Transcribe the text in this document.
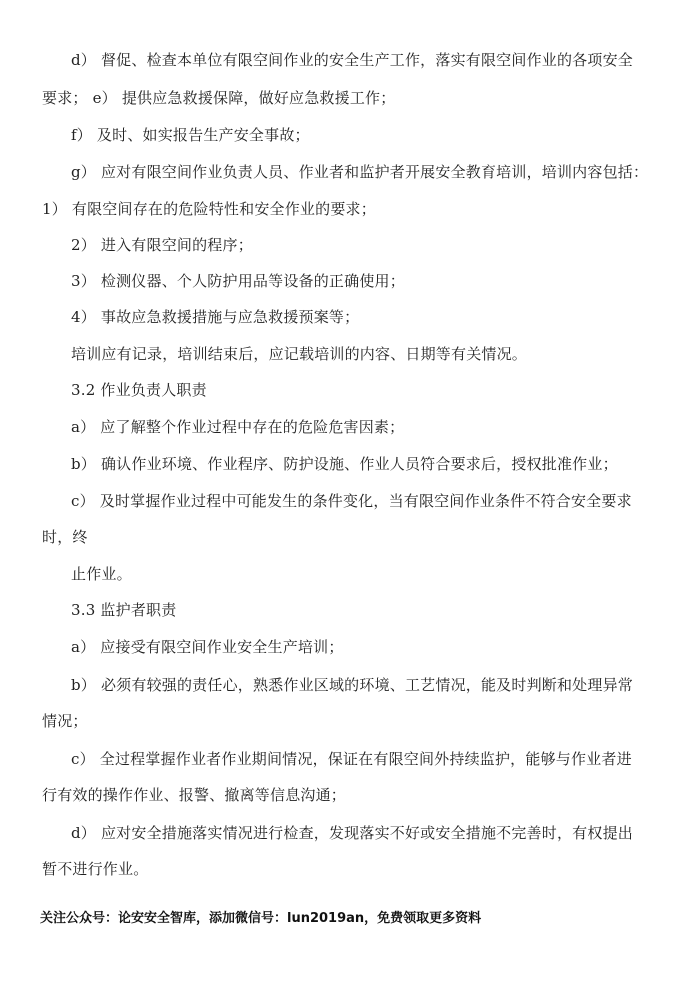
d） 督促、检查本单位有限空间作业的安全生产工作，落实有限空间作业的各项安全
要求； e） 提供应急救援保障，做好应急救援工作；
f） 及时、如实报告生产安全事故；
g） 应对有限空间作业负责人员、作业者和监护者开展安全教育培训，培训内容包括：
1） 有限空间存在的危险特性和安全作业的要求；
2） 进入有限空间的程序；
3） 检测仪器、个人防护用品等设备的正确使用；
4） 事故应急救援措施与应急救援预案等；
培训应有记录，培训结束后，应记载培训的内容、日期等有关情况。
3.2 作业负责人职责
a） 应了解整个作业过程中存在的危险危害因素；
b） 确认作业环境、作业程序、防护设施、作业人员符合要求后，授权批准作业；
c） 及时掌握作业过程中可能发生的条件变化，当有限空间作业条件不符合安全要求
时，终
止作业。
3.3 监护者职责
a） 应接受有限空间作业安全生产培训；
b） 必须有较强的责任心，熟悉作业区域的环境、工艺情况，能及时判断和处理异常
情况；
c） 全过程掌握作业者作业期间情况，保证在有限空间外持续监护，能够与作业者进
行有效的操作作业、报警、撤离等信息沟通；
d） 应对安全措施落实情况进行检查，发现落实不好或安全措施不完善时，有权提出
暂不进行作业。
关注公众号：论安安全智库，添加微信号：lun2019an，免费领取更多资料
